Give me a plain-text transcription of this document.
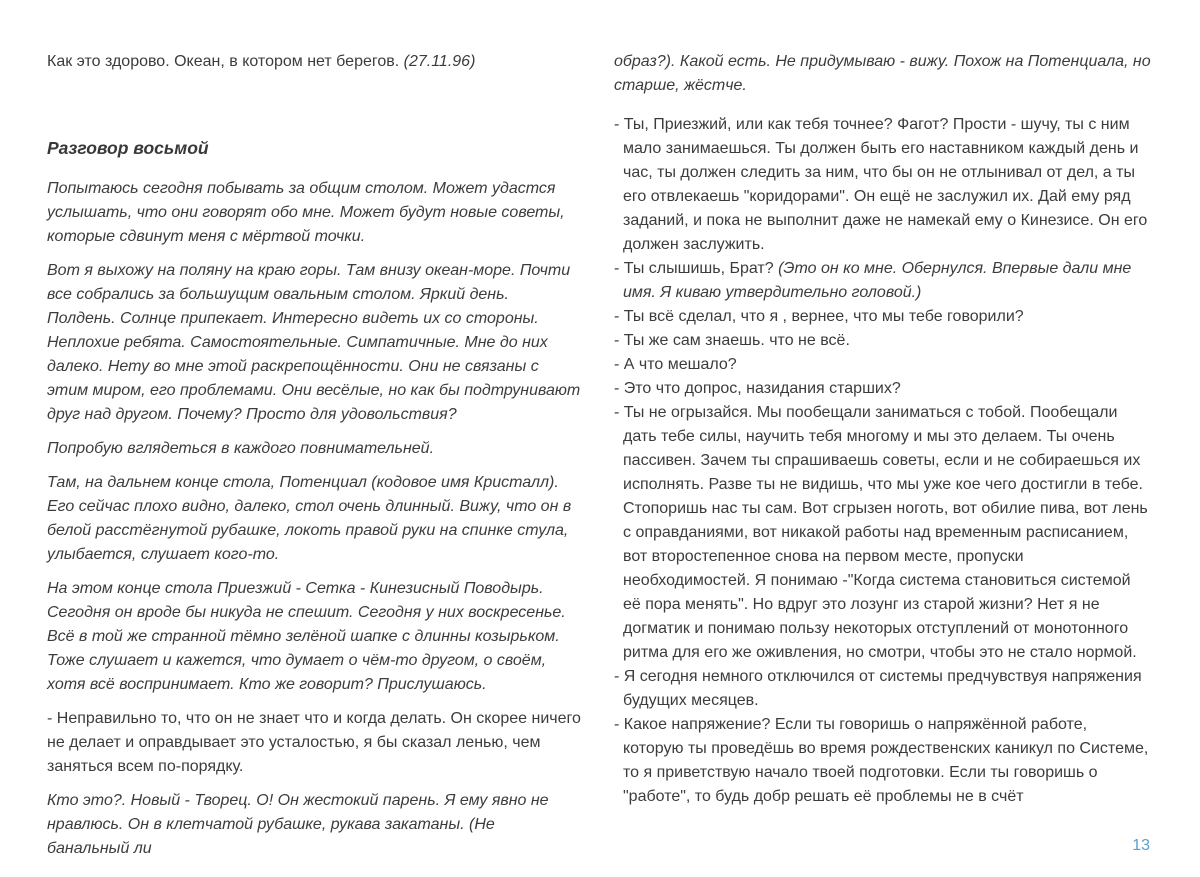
Как это здорово. Океан, в котором нет берегов. (27.11.96)

Разговор восьмой

Попытаюсь сегодня побывать за общим столом. Может удастся услышать, что они говорят обо мне. Может будут новые советы, которые сдвинут меня с мёртвой точки.

Вот я выхожу на поляну на краю горы. Там внизу океан-море. Почти все собрались за большущим овальным столом. Яркий день. Полдень. Солнце припекает. Интересно видеть их со стороны. Неплохие ребята. Самостоятельные. Симпатичные. Мне до них далеко. Нету во мне этой раскрепощённости. Они не связаны с этим миром, его проблемами. Они весёлые, но как бы подтрунивают друг над другом. Почему? Просто для удовольствия?

Попробую вглядеться в каждого повнимательней.

Там, на дальнем конце стола, Потенциал (кодовое имя Кристалл). Его сейчас плохо видно, далеко, стол очень длинный. Вижу, что он в белой расстёгнутой рубашке, локоть правой руки на спинке стула, улыбается, слушает кого-то.

На этом конце стола Приезжий - Сетка - Кинезисный Поводырь. Сегодня он вроде бы никуда не спешит. Сегодня у них воскресенье. Всё в той же странной тёмно зелёной шапке с длинны козырьком. Тоже слушает и кажется, что думает о чём-то другом, о своём, хотя всё воспринимает. Кто же говорит? Прислушаюсь.

- Неправильно то, что он не знает что и когда делать. Он скорее ничего не делает и оправдывает это усталостью, я бы сказал ленью, чем заняться всем по-порядку.

Кто это?. Новый - Творец. О! Он жестокий парень. Я ему явно не нравлюсь. Он в клетчатой рубашке, рукава закатаны. (Не банальный ли

образ?). Какой есть. Не придумываю - вижу. Похож на Потенциала, но старше, жёстче.

- Ты, Приезжий, или как тебя точнее? Фагот? Прости - шучу, ты с ним мало занимаешься. Ты должен быть его наставником каждый день и час, ты должен следить за ним, что бы он не отлынивал от дел, а ты его отвлекаешь "коридорами". Он ещё не заслужил их. Дай ему ряд заданий, и пока не выполнит даже не намекай ему о Кинезисе. Он его должен заслужить.

- Ты слышишь, Брат? (Это он ко мне. Обернулся. Впервые дали мне имя. Я киваю утвердительно головой.)

- Ты всё сделал, что я , вернее, что мы тебе говорили?

- Ты же сам знаешь. что не всё.

- А что мешало?

- Это что допрос, назидания старших?

- Ты не огрызайся. Мы пообещали заниматься с тобой. Пообещали дать тебе силы, научить тебя многому и мы это делаем. Ты очень пассивен. Зачем ты спрашиваешь советы, если и не собираешься их исполнять. Разве ты не видишь, что мы уже кое чего достигли в тебе. Стопоришь нас ты сам. Вот сгрызен ноготь, вот обилие пива, вот лень с оправданиями, вот никакой работы над временным расписанием, вот второстепенное снова на первом месте, пропуски необходимостей. Я понимаю -"Когда система становиться системой её пора менять". Но вдруг это лозунг из старой жизни? Нет я не догматик и понимаю пользу некоторых отступлений от монотонного ритма для его же оживления, но смотри, чтобы это не стало нормой.

- Я сегодня немного отключился от системы предчувствуя напряжения будущих месяцев.

- Какое напряжение? Если ты говоришь о напряжённой работе, которую ты проведёшь во время рождественских каникул по Системе, то я приветствую начало твоей подготовки. Если ты говоришь о "работе", то будь добр решать её проблемы не в счёт

13
